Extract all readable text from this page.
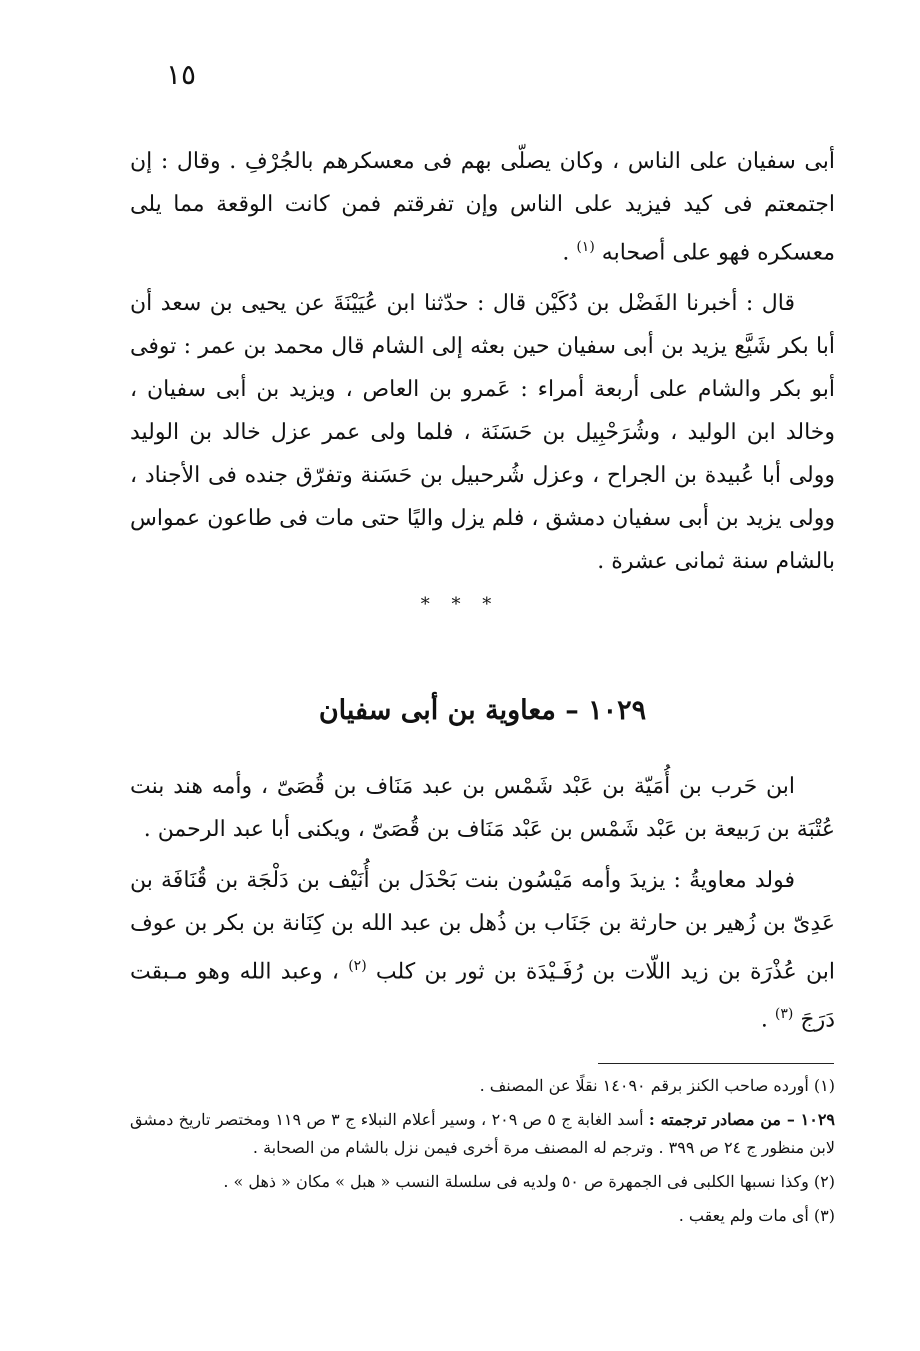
١٥

أبى سفيان على الناس ، وكان يصلّى بهم فى معسكرهم بالجُرْفِ . وقال : إن اجتمعتم فى كيد فيزيد على الناس وإن تفرقتم فمن كانت الوقعة مما يلى معسكره فهو على أصحابه $^{(١)}$ .

قال : أخبرنا الفَضْل بن دُكَيْن قال : حدّثنا ابن عُيَيْنَةَ عن يحيى بن سعد أن أبا بكر شَيَّع يزيد بن أبى سفيان حين بعثه إلى الشام قال محمد بن عمر : توفى أبو بكر والشام على أربعة أمراء : عَمرو بن العاص ، ويزيد بن أبى سفيان ، وخالد ابن الوليد ، وشُرَحْبِيل بن حَسَنَة ، فلما ولى عمر عزل خالد بن الوليد وولى أبا عُبيدة بن الجراح ، وعزل شُرحبيل بن حَسَنة وتفرّق جنده فى الأجناد ، وولى يزيد بن أبى سفيان دمشق ، فلم يزل واليًا حتى مات فى طاعون عمواس بالشام سنة ثمانى عشرة .

* * *
١٠٢٩ – معاوية بن أبى سفيان

ابن حَرب بن أُمَيّة بن عَبْد شَمْس بن عبد مَنَاف بن قُصَىّ ، وأمه هند بنت عُتْبَة بن رَبيعة بن عَبْد شَمْس بن عَبْد مَنَاف بن قُصَىّ ، ويكنى أبا عبد الرحمن .

فولد معاويةُ : يزيدَ وأمه مَيْسُون بنت بَحْدَل بن أُنَيْف بن دَلْجَة بن قُنَافَة بن عَدِىّ بن زُهير بن حارثة بن جَنَاب بن ذُهل بن عبد الله بن كِنَانة بن بكر بن عوف ابن عُذْرَة بن زيد اللّات بن رُفَـيْدَة بن ثور بن كلب $^{(٢)}$ ، وعبد الله وهو مـبقت دَرَجَ $^{(٣)}$ .

(١) أورده صاحب الكنز برقم ١٤٠٩٠ نقلًا عن المصنف .

١٠٢٩ – من مصادر ترجمته : أسد الغابة ج ٥ ص ٢٠٩ ، وسير أعلام النبلاء ج ٣ ص ١١٩ ومختصر تاريخ دمشق لابن منظور ج ٢٤ ص ٣٩٩ . وترجم له المصنف مرة أخرى فيمن نزل بالشام من الصحابة .

(٢) وكذا نسبها الكلبى فى الجمهرة ص ٥٠ ولديه فى سلسلة النسب « هبل » مكان « ذهل » .

(٣) أى مات ولم يعقب .
